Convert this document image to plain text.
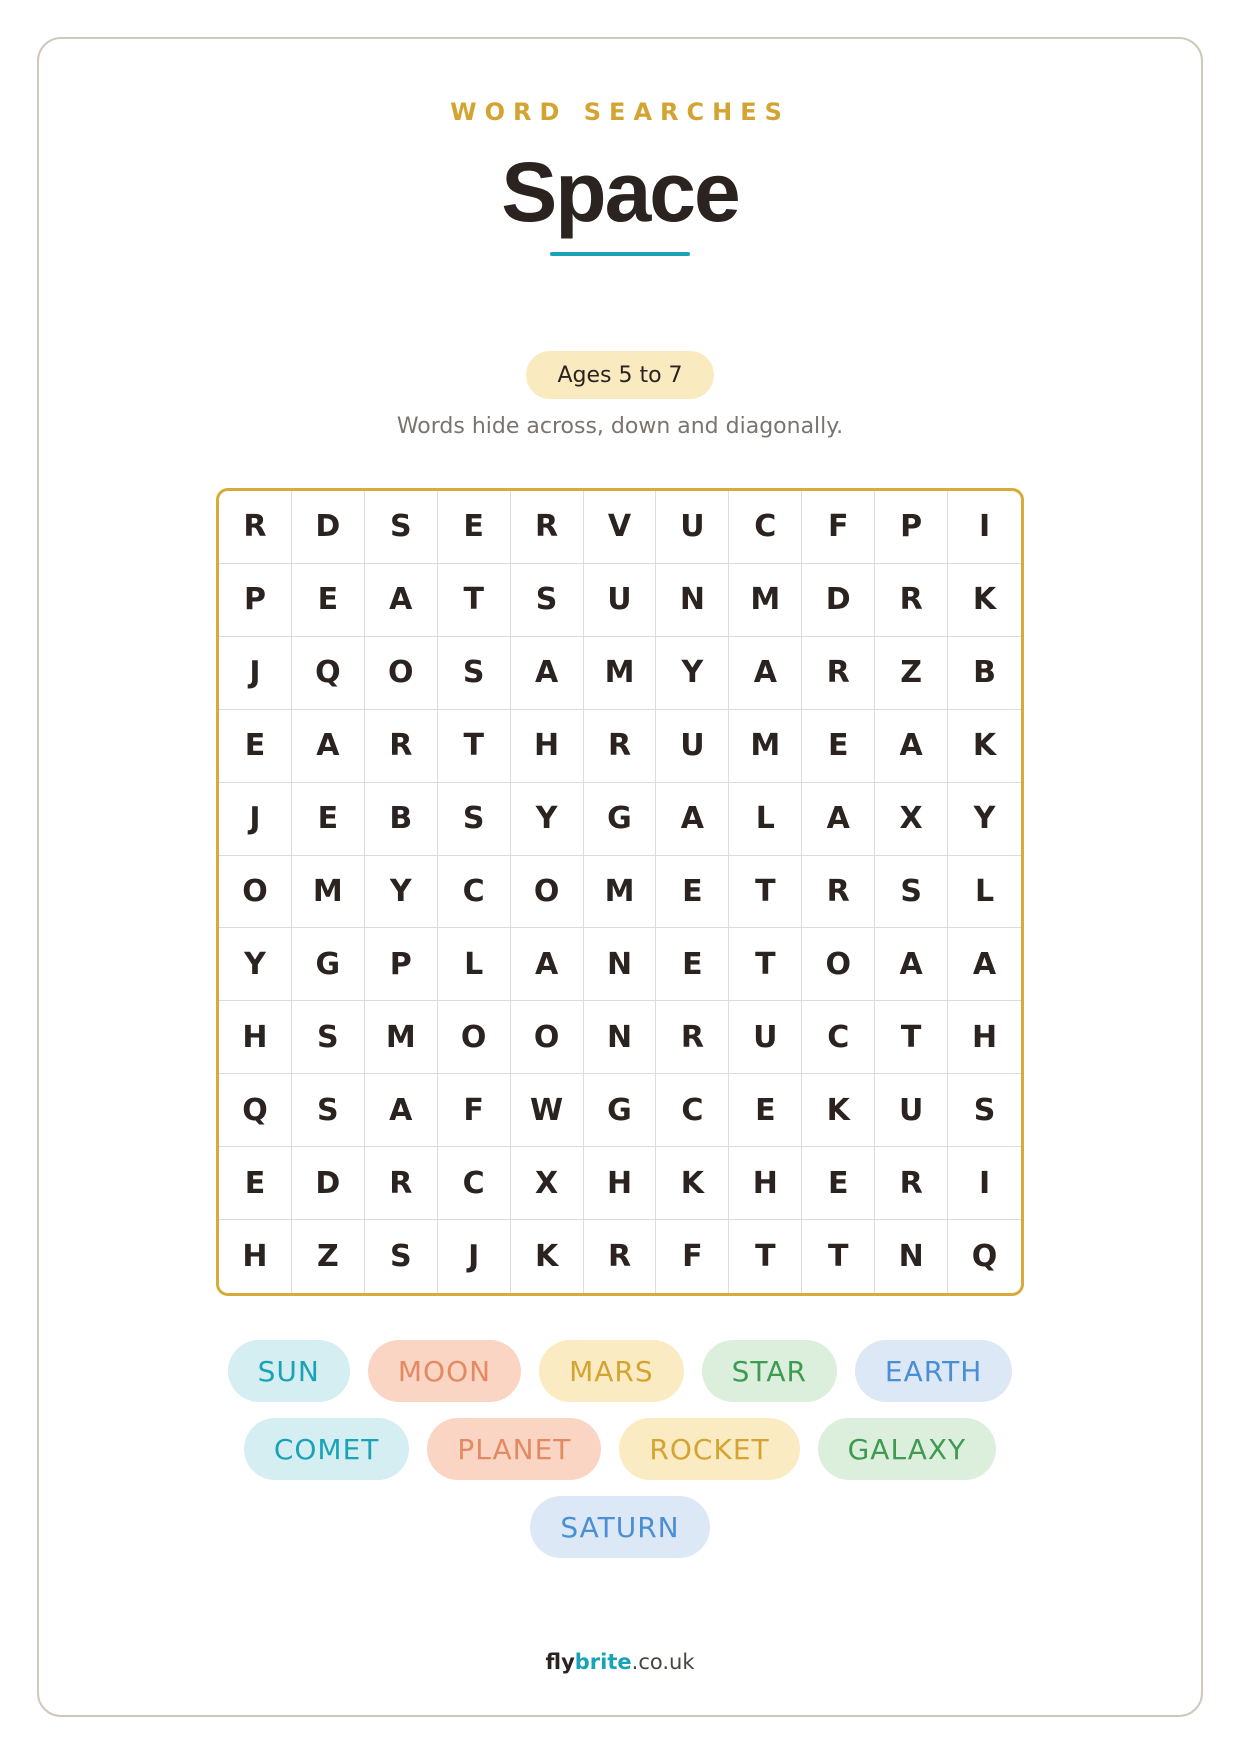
WORD SEARCHES
Space
Ages 5 to 7
Words hide across, down and diagonally.
R	D	S	E	R	V	U	C	F	P	I
P	E	A	T	S	U	N	M	D	R	K
J	Q	O	S	A	M	Y	A	R	Z	B
E	A	R	T	H	R	U	M	E	A	K
J	E	B	S	Y	G	A	L	A	X	Y
O	M	Y	C	O	M	E	T	R	S	L
Y	G	P	L	A	N	E	T	O	A	A
H	S	M	O	O	N	R	U	C	T	H
Q	S	A	F	W	G	C	E	K	U	S
E	D	R	C	X	H	K	H	E	R	I
H	Z	S	J	K	R	F	T	T	N	Q
SUN	MOON	MARS	STAR	EARTH
COMET	PLANET	ROCKET	GALAXY
SATURN
flybrite.co.uk
